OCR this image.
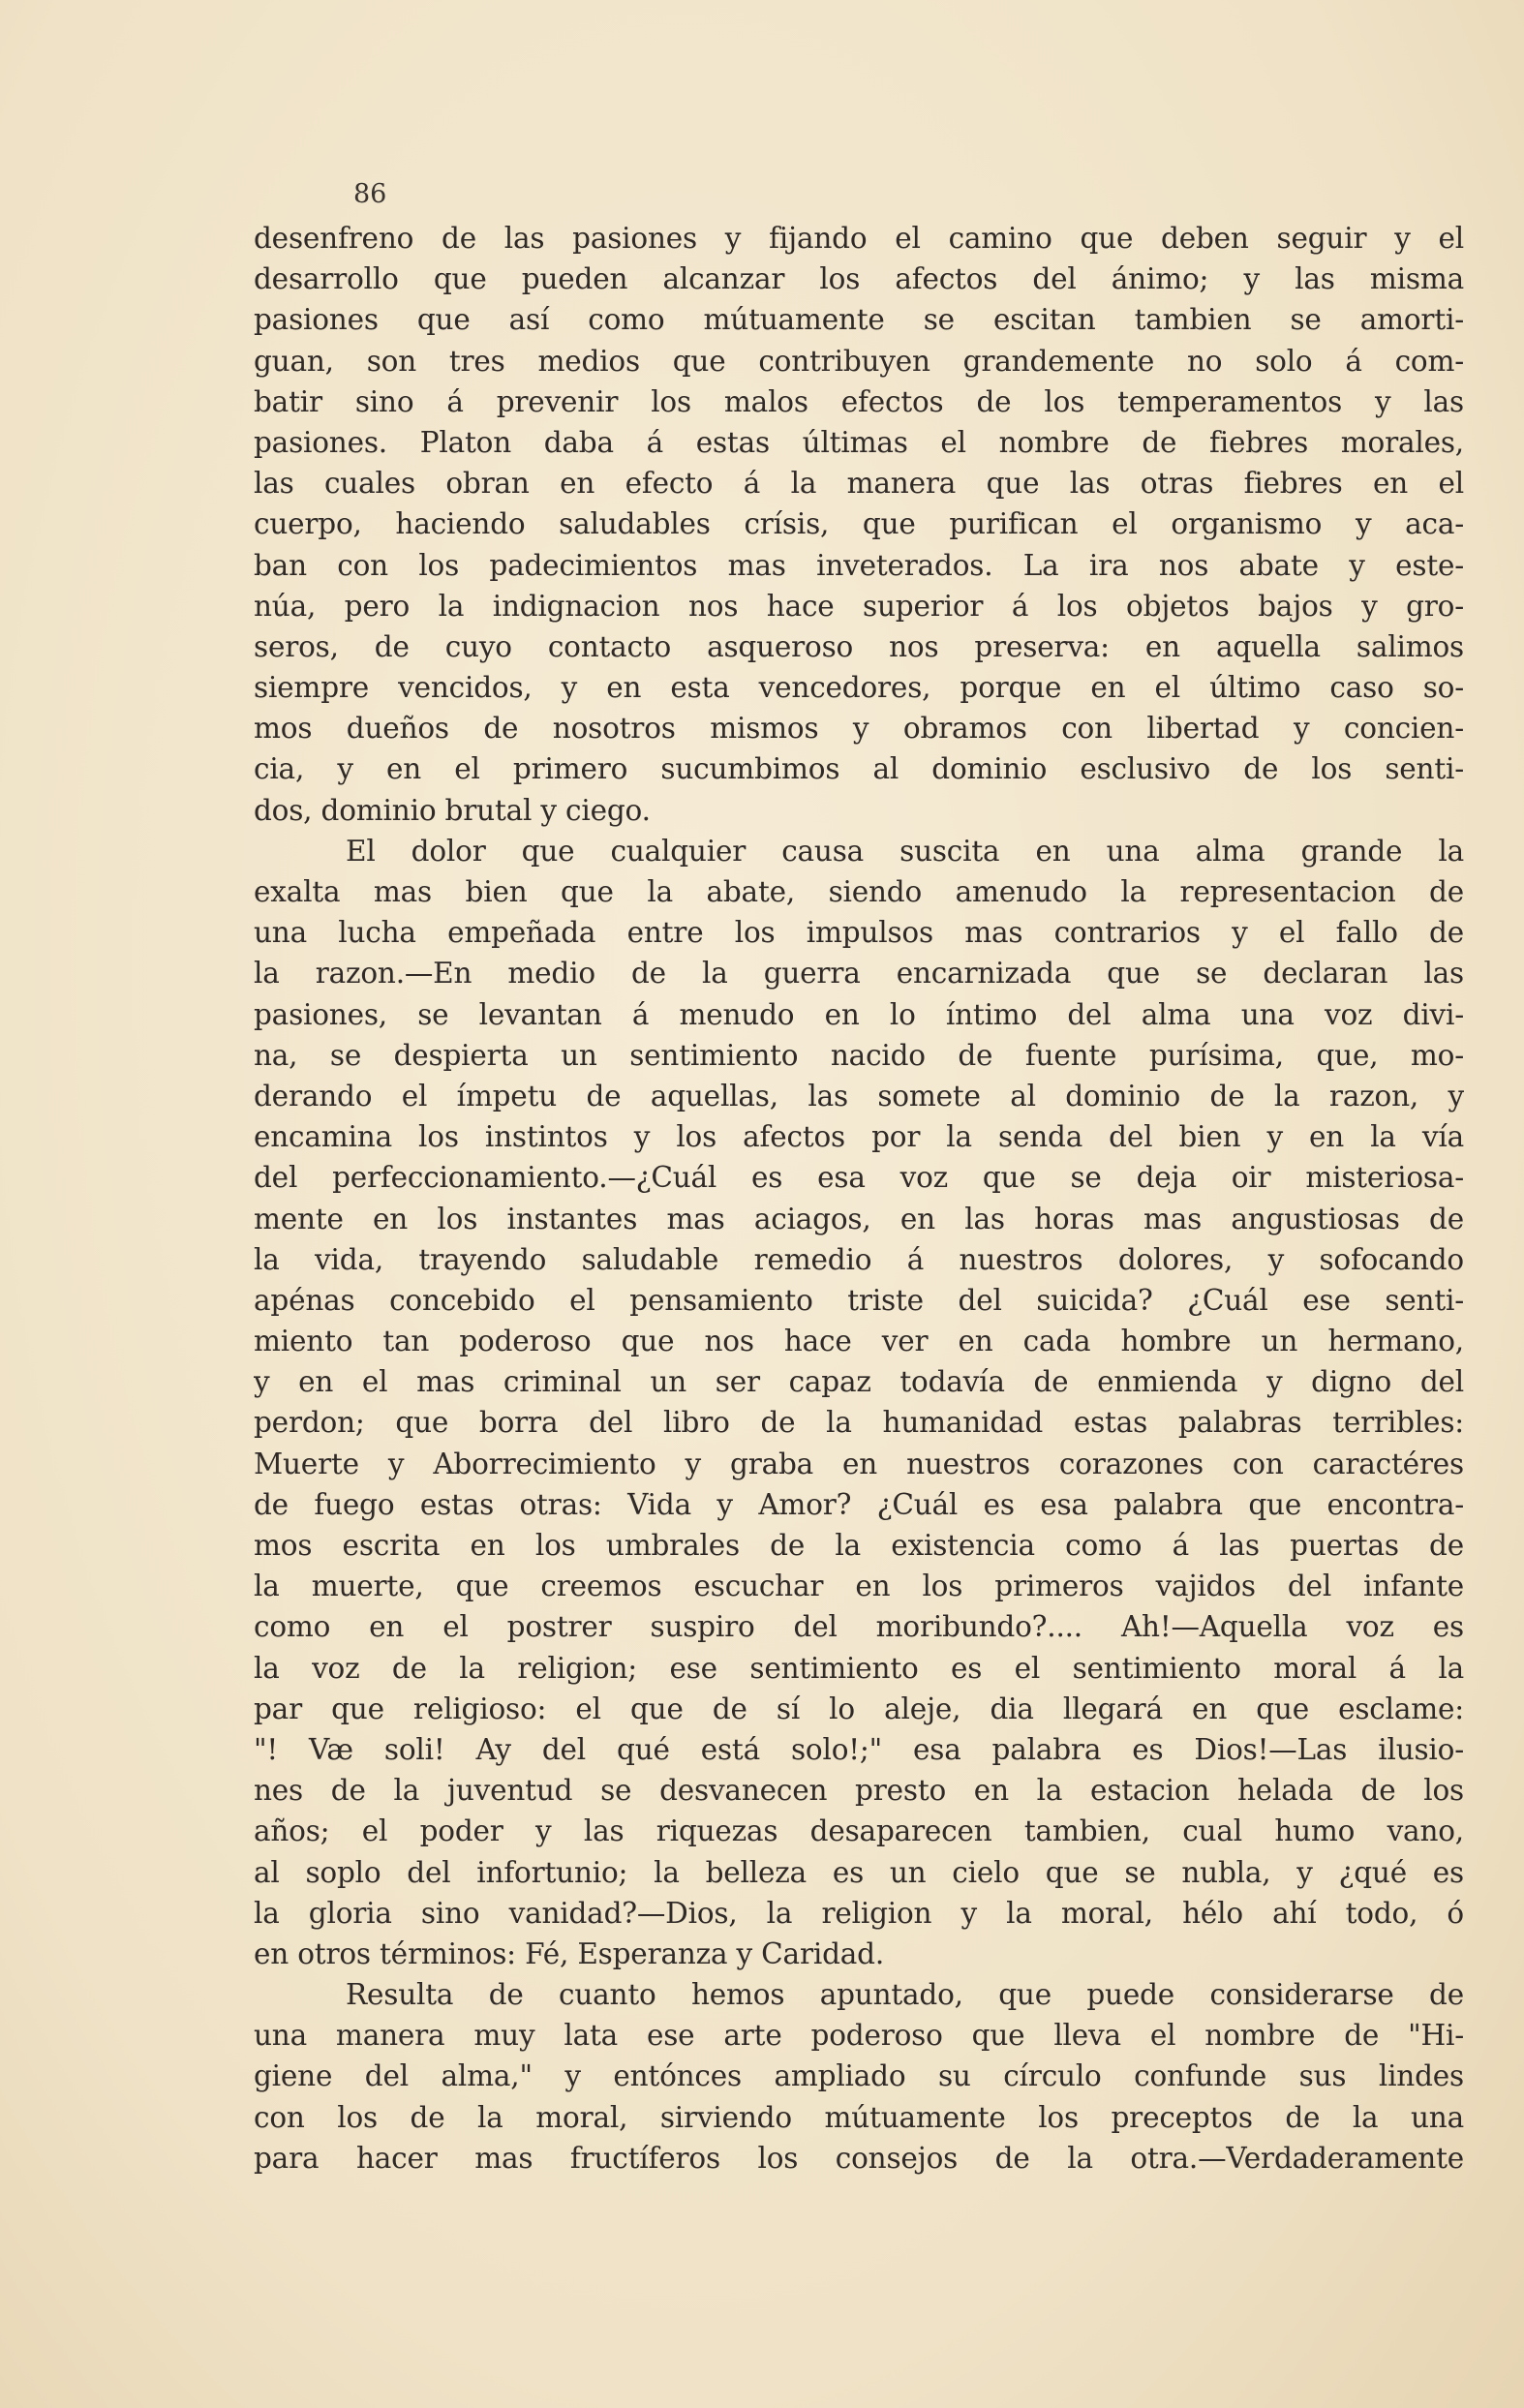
86
desenfreno de las pasiones y fijando el camino que deben seguir y el
desarrollo que pueden alcanzar los afectos del ánimo; y las misma
pasiones que así como mútuamente se escitan tambien se amorti-
guan, son tres medios que contribuyen grandemente no solo á com-
batir sino á prevenir los malos efectos de los temperamentos y las
pasiones. Platon daba á estas últimas el nombre de fiebres morales,
las cuales obran en efecto á la manera que las otras fiebres en el
cuerpo, haciendo saludables crísis, que purifican el organismo y aca-
ban con los padecimientos mas inveterados. La ira nos abate y este-
núa, pero la indignacion nos hace superior á los objetos bajos y gro-
seros, de cuyo contacto asqueroso nos preserva: en aquella salimos
siempre vencidos, y en esta vencedores, porque en el último caso so-
mos dueños de nosotros mismos y obramos con libertad y concien-
cia, y en el primero sucumbimos al dominio esclusivo de los senti-
dos, dominio brutal y ciego.
El dolor que cualquier causa suscita en una alma grande la
exalta mas bien que la abate, siendo amenudo la representacion de
una lucha empeñada entre los impulsos mas contrarios y el fallo de
la razon.—En medio de la guerra encarnizada que se declaran las
pasiones, se levantan á menudo en lo íntimo del alma una voz divi-
na, se despierta un sentimiento nacido de fuente purísima, que, mo-
derando el ímpetu de aquellas, las somete al dominio de la razon, y
encamina los instintos y los afectos por la senda del bien y en la vía
del perfeccionamiento.—¿Cuál es esa voz que se deja oir misteriosa-
mente en los instantes mas aciagos, en las horas mas angustiosas de
la vida, trayendo saludable remedio á nuestros dolores, y sofocando
apénas concebido el pensamiento triste del suicida? ¿Cuál ese senti-
miento tan poderoso que nos hace ver en cada hombre un hermano,
y en el mas criminal un ser capaz todavía de enmienda y digno del
perdon; que borra del libro de la humanidad estas palabras terribles:
Muerte y Aborrecimiento y graba en nuestros corazones con caractéres
de fuego estas otras: Vida y Amor? ¿Cuál es esa palabra que encontra-
mos escrita en los umbrales de la existencia como á las puertas de
la muerte, que creemos escuchar en los primeros vajidos del infante
como en el postrer suspiro del moribundo?.... Ah!—Aquella voz es
la voz de la religion; ese sentimiento es el sentimiento moral á la
par que religioso: el que de sí lo aleje, dia llegará en que esclame:
"! Væ soli! Ay del qué está solo!;" esa palabra es Dios!—Las ilusio-
nes de la juventud se desvanecen presto en la estacion helada de los
años; el poder y las riquezas desaparecen tambien, cual humo vano,
al soplo del infortunio; la belleza es un cielo que se nubla, y ¿qué es
la gloria sino vanidad?—Dios, la religion y la moral, hélo ahí todo, ó
en otros términos: Fé, Esperanza y Caridad.
Resulta de cuanto hemos apuntado, que puede considerarse de
una manera muy lata ese arte poderoso que lleva el nombre de "Hi-
giene del alma," y entónces ampliado su círculo confunde sus lindes
con los de la moral, sirviendo mútuamente los preceptos de la una
para hacer mas fructíferos los consejos de la otra.—Verdaderamente
